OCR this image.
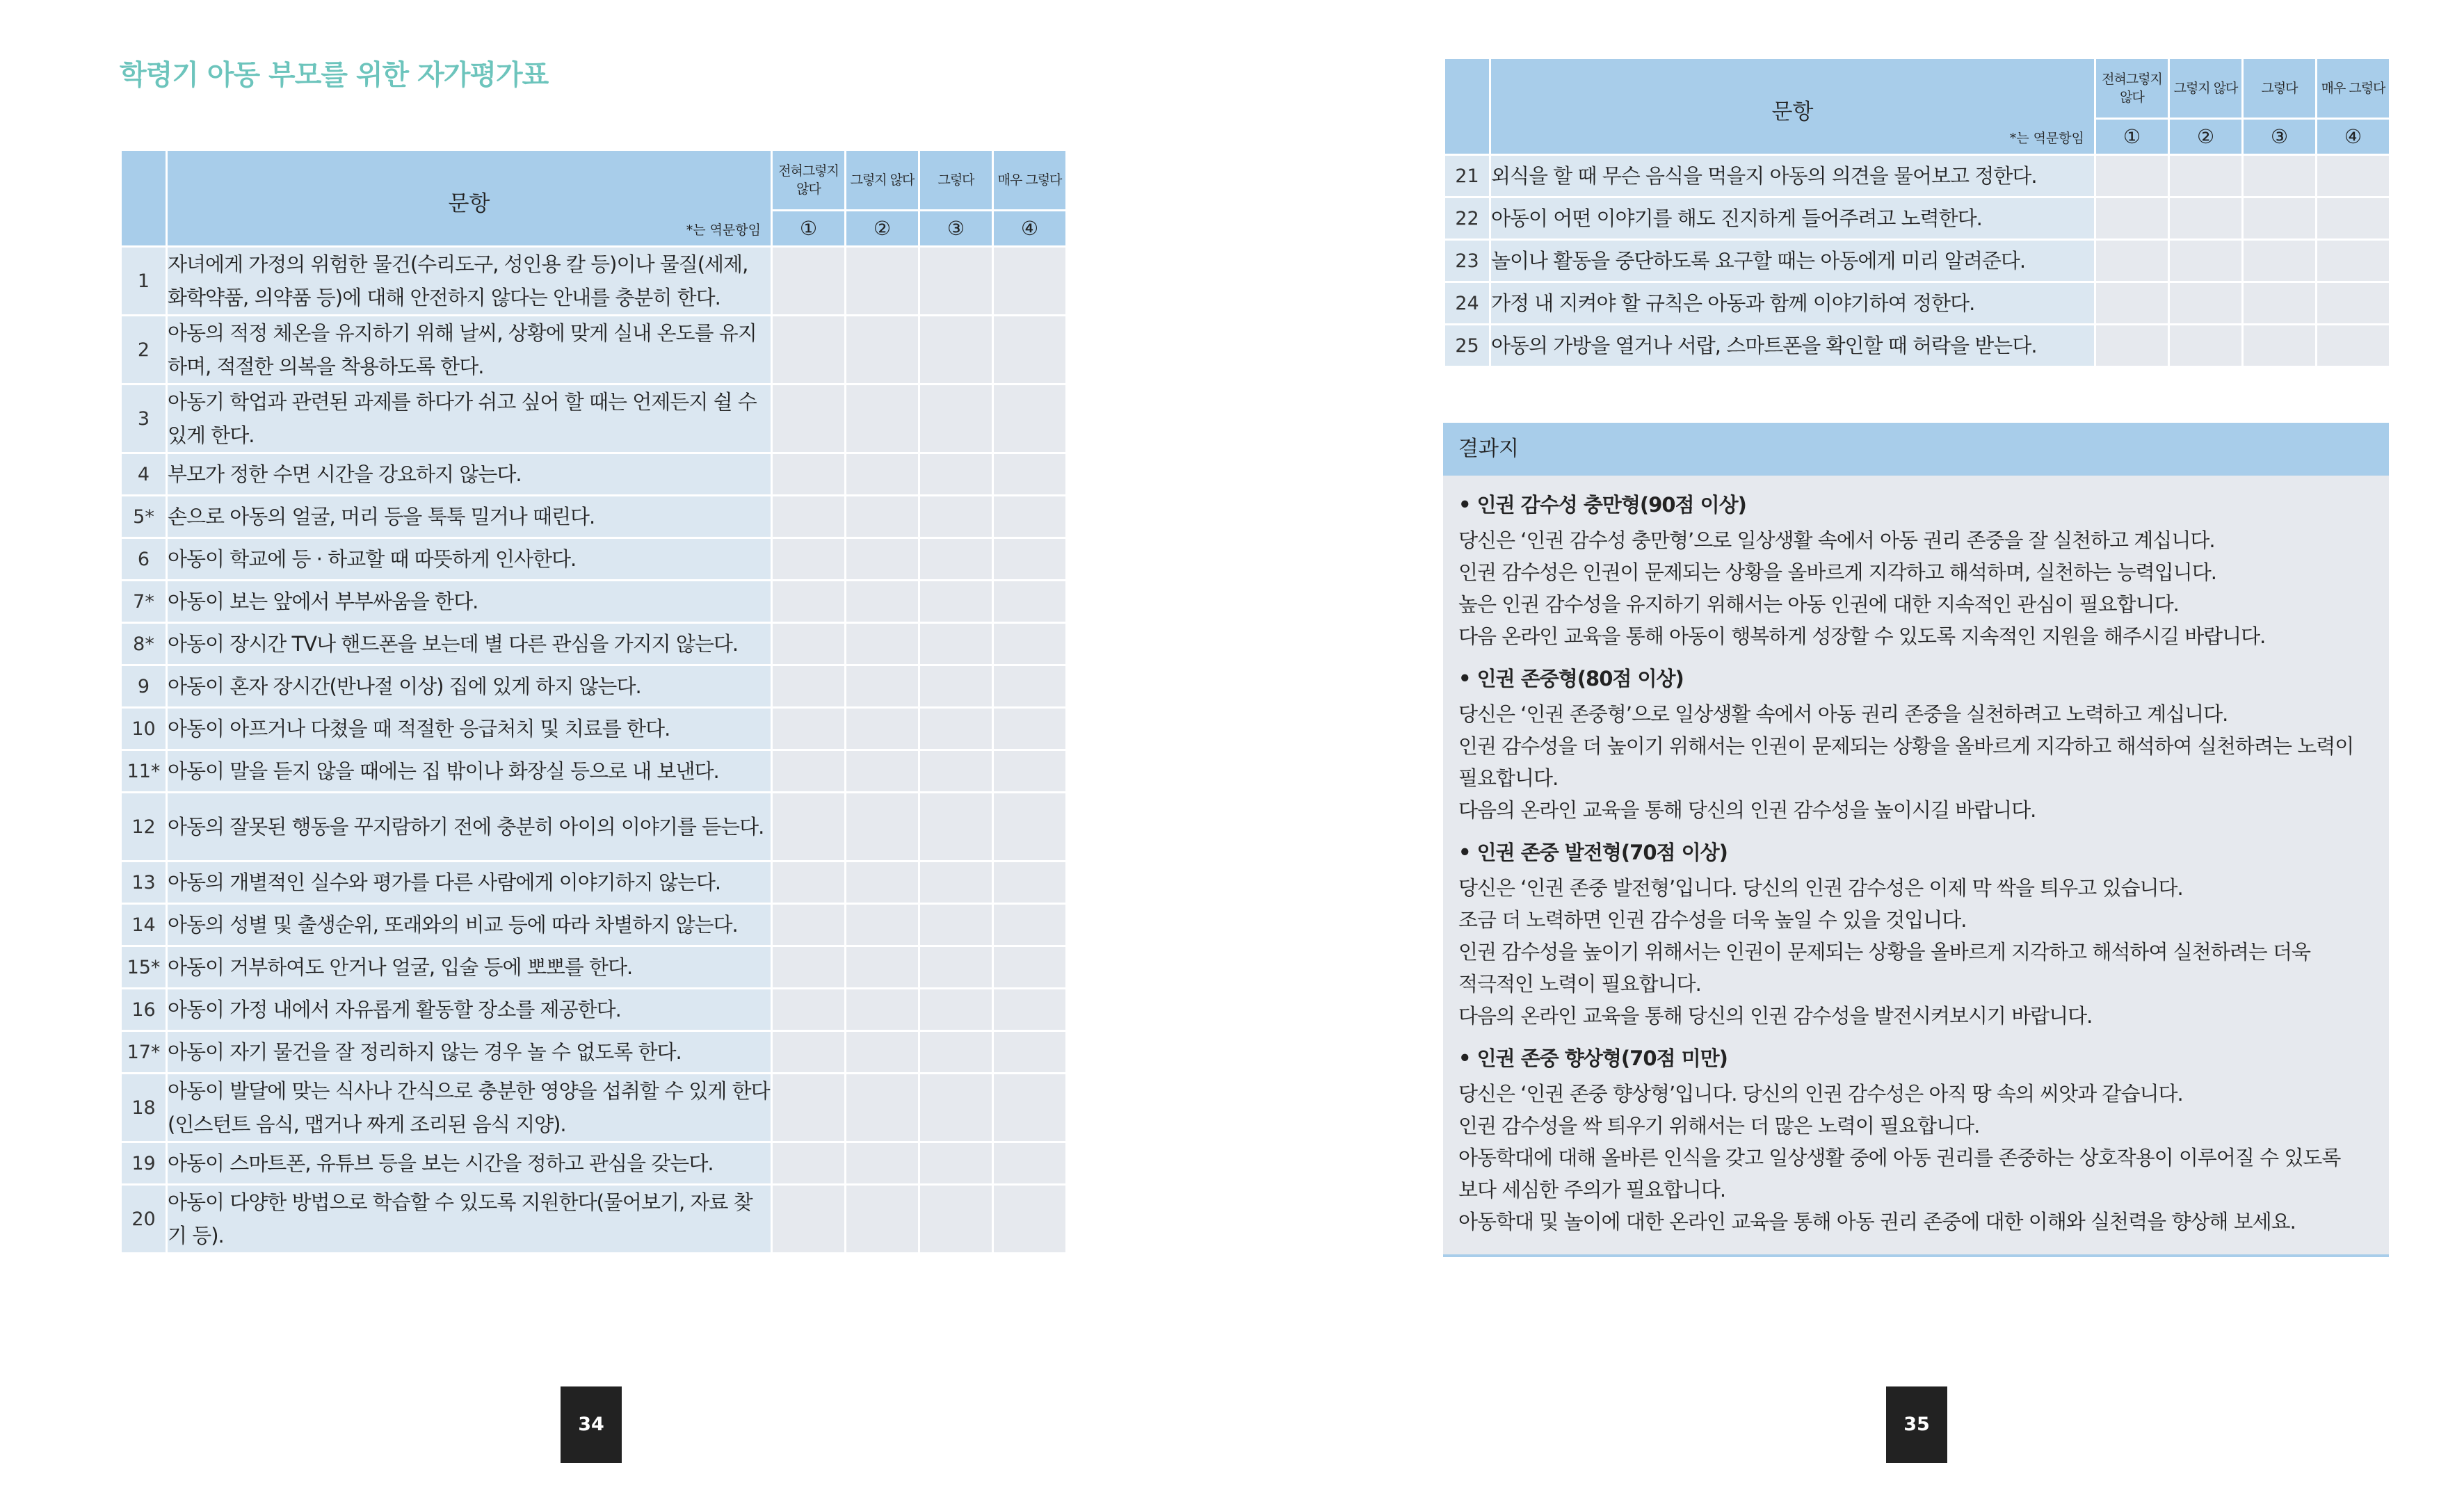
학령기 아동 부모를 위한 자가평가표

	문항
*는 역문항임	전혀그렇지 않다	그렇지 않다	그렇다	매우 그렇다
		①	②	③	④
1	자녀에게 가정의 위험한 물건(수리도구, 성인용 칼 등)이나 물질(세제, 화학약품, 의약품 등)에 대해 안전하지 않다는 안내를 충분히 한다.				
2	아동의 적정 체온을 유지하기 위해 날씨, 상황에 맞게 실내 온도를 유지하며, 적절한 의복을 착용하도록 한다.				
3	아동기 학업과 관련된 과제를 하다가 쉬고 싶어 할 때는 언제든지 쉴 수 있게 한다.				
4	부모가 정한 수면 시간을 강요하지 않는다.				
5*	손으로 아동의 얼굴, 머리 등을 툭툭 밀거나 때린다.				
6	아동이 학교에 등 · 하교할 때 따뜻하게 인사한다.				
7*	아동이 보는 앞에서 부부싸움을 한다.				
8*	아동이 장시간 TV나 핸드폰을 보는데 별 다른 관심을 가지지 않는다.				
9	아동이 혼자 장시간(반나절 이상) 집에 있게 하지 않는다.				
10	아동이 아프거나 다쳤을 때 적절한 응급처치 및 치료를 한다.				
11*	아동이 말을 듣지 않을 때에는 집 밖이나 화장실 등으로 내 보낸다.				
12	아동의 잘못된 행동을 꾸지람하기 전에 충분히 아이의 이야기를 듣는다.				
13	아동의 개별적인 실수와 평가를 다른 사람에게 이야기하지 않는다.				
14	아동의 성별 및 출생순위, 또래와의 비교 등에 따라 차별하지 않는다.				
15*	아동이 거부하여도 안거나 얼굴, 입술 등에 뽀뽀를 한다.				
16	아동이 가정 내에서 자유롭게 활동할 장소를 제공한다.				
17*	아동이 자기 물건을 잘 정리하지 않는 경우 놀 수 없도록 한다.				
18	아동이 발달에 맞는 식사나 간식으로 충분한 영양을 섭취할 수 있게 한다(인스턴트 음식, 맵거나 짜게 조리된 음식 지양).				
19	아동이 스마트폰, 유튜브 등을 보는 시간을 정하고 관심을 갖는다.				
20	아동이 다양한 방법으로 학습할 수 있도록 지원한다(물어보기, 자료 찾기 등).				

	문항
*는 역문항임	전혀그렇지 않다	그렇지 않다	그렇다	매우 그렇다
		①	②	③	④
21	외식을 할 때 무슨 음식을 먹을지 아동의 의견을 물어보고 정한다.				
22	아동이 어떤 이야기를 해도 진지하게 들어주려고 노력한다.				
23	놀이나 활동을 중단하도록 요구할 때는 아동에게 미리 알려준다.				
24	가정 내 지켜야 할 규칙은 아동과 함께 이야기하여 정한다.				
25	아동의 가방을 열거나 서랍, 스마트폰을 확인할 때 허락을 받는다.				
결과지
• 인권 감수성 충만형(90점 이상)
당신은 ‘인권 감수성 충만형’으로 일상생활 속에서 아동 권리 존중을 잘 실천하고 계십니다.
인권 감수성은 인권이 문제되는 상황을 올바르게 지각하고 해석하며, 실천하는 능력입니다.
높은 인권 감수성을 유지하기 위해서는 아동 인권에 대한 지속적인 관심이 필요합니다.
다음 온라인 교육을 통해 아동이 행복하게 성장할 수 있도록 지속적인 지원을 해주시길 바랍니다.
• 인권 존중형(80점 이상)
당신은 ‘인권 존중형’으로 일상생활 속에서 아동 권리 존중을 실천하려고 노력하고 계십니다.
인권 감수성을 더 높이기 위해서는 인권이 문제되는 상황을 올바르게 지각하고 해석하여 실천하려는 노력이
필요합니다.
다음의 온라인 교육을 통해 당신의 인권 감수성을 높이시길 바랍니다.
• 인권 존중 발전형(70점 이상)
당신은 ‘인권 존중 발전형’입니다. 당신의 인권 감수성은 이제 막 싹을 틔우고 있습니다.
조금 더 노력하면 인권 감수성을 더욱 높일 수 있을 것입니다.
인권 감수성을 높이기 위해서는 인권이 문제되는 상황을 올바르게 지각하고 해석하여 실천하려는 더욱
적극적인 노력이 필요합니다.
다음의 온라인 교육을 통해 당신의 인권 감수성을 발전시켜보시기 바랍니다.
• 인권 존중 향상형(70점 미만)
당신은 ‘인권 존중 향상형’입니다. 당신의 인권 감수성은 아직 땅 속의 씨앗과 같습니다.
인권 감수성을 싹 틔우기 위해서는 더 많은 노력이 필요합니다.
아동학대에 대해 올바른 인식을 갖고 일상생활 중에 아동 권리를 존중하는 상호작용이 이루어질 수 있도록
보다 세심한 주의가 필요합니다.
아동학대 및 놀이에 대한 온라인 교육을 통해 아동 권리 존중에 대한 이해와 실천력을 향상해 보세요.
34	35
